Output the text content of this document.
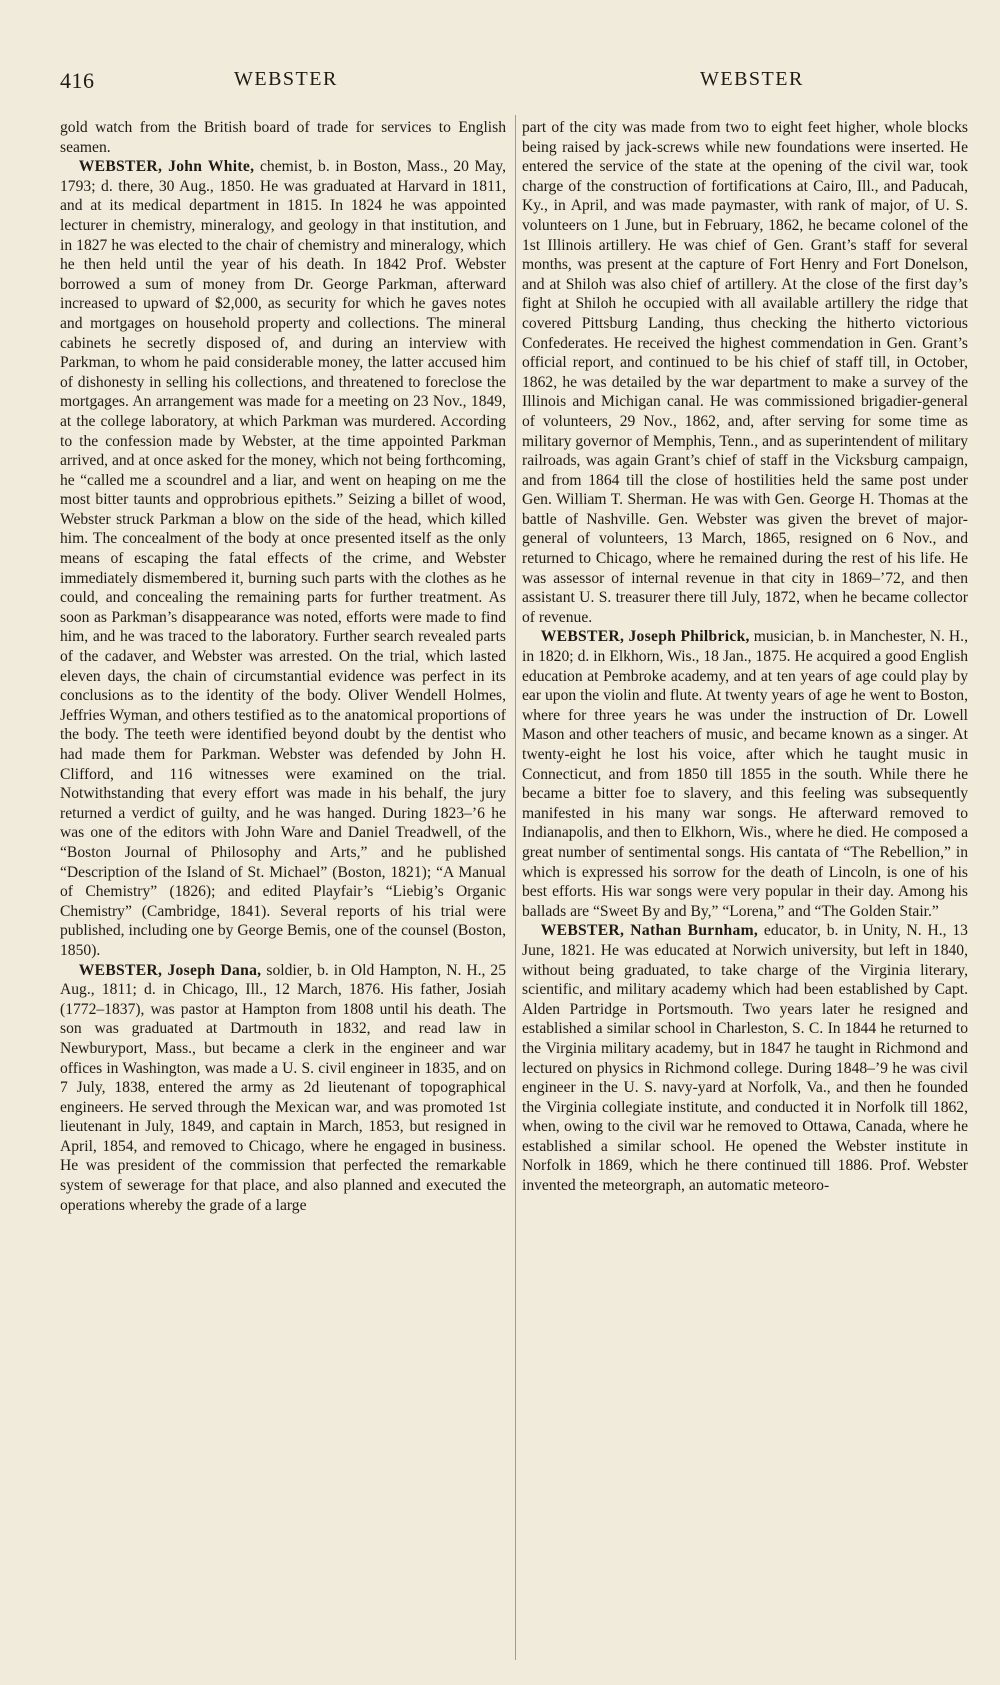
416	WEBSTER	WEBSTER

gold watch from the British board of trade for services to English seamen.

WEBSTER, John White, chemist, b. in Boston, Mass., 20 May, 1793; d. there, 30 Aug., 1850. He was graduated at Harvard in 1811, and at its medical department in 1815. In 1824 he was appointed lecturer in chemistry, mineralogy, and geology in that institution, and in 1827 he was elected to the chair of chemistry and mineralogy, which he then held until the year of his death. In 1842 Prof. Webster borrowed a sum of money from Dr. George Parkman, afterward increased to upward of $2,000, as security for which he gaves notes and mortgages on household property and collections. The mineral cabinets he secretly disposed of, and during an interview with Parkman, to whom he paid considerable money, the latter accused him of dishonesty in selling his collections, and threatened to foreclose the mortgages. An arrangement was made for a meeting on 23 Nov., 1849, at the college laboratory, at which Parkman was murdered. According to the confession made by Webster, at the time appointed Parkman arrived, and at once asked for the money, which not being forthcoming, he “called me a scoundrel and a liar, and went on heaping on me the most bitter taunts and opprobrious epithets.” Seizing a billet of wood, Webster struck Parkman a blow on the side of the head, which killed him. The concealment of the body at once presented itself as the only means of escaping the fatal effects of the crime, and Webster immediately dismembered it, burning such parts with the clothes as he could, and concealing the remaining parts for further treatment. As soon as Parkman’s disappearance was noted, efforts were made to find him, and he was traced to the laboratory. Further search revealed parts of the cadaver, and Webster was arrested. On the trial, which lasted eleven days, the chain of circumstantial evidence was perfect in its conclusions as to the identity of the body. Oliver Wendell Holmes, Jeffries Wyman, and others testified as to the anatomical proportions of the body. The teeth were identified beyond doubt by the dentist who had made them for Parkman. Webster was defended by John H. Clifford, and 116 witnesses were examined on the trial. Notwithstanding that every effort was made in his behalf, the jury returned a verdict of guilty, and he was hanged. During 1823–’6 he was one of the editors with John Ware and Daniel Treadwell, of the “Boston Journal of Philosophy and Arts,” and he published “Description of the Island of St. Michael” (Boston, 1821); “A Manual of Chemistry” (1826); and edited Playfair’s “Liebig’s Organic Chemistry” (Cambridge, 1841). Several reports of his trial were published, including one by George Bemis, one of the counsel (Boston, 1850).

WEBSTER, Joseph Dana, soldier, b. in Old Hampton, N. H., 25 Aug., 1811; d. in Chicago, Ill., 12 March, 1876. His father, Josiah (1772–1837), was pastor at Hampton from 1808 until his death. The son was graduated at Dartmouth in 1832, and read law in Newburyport, Mass., but became a clerk in the engineer and war offices in Washington, was made a U. S. civil engineer in 1835, and on 7 July, 1838, entered the army as 2d lieutenant of topographical engineers. He served through the Mexican war, and was promoted 1st lieutenant in July, 1849, and captain in March, 1853, but resigned in April, 1854, and removed to Chicago, where he engaged in business. He was president of the commission that perfected the remarkable system of sewerage for that place, and also planned and executed the operations whereby the grade of a large

part of the city was made from two to eight feet higher, whole blocks being raised by jack-screws while new foundations were inserted. He entered the service of the state at the opening of the civil war, took charge of the construction of fortifications at Cairo, Ill., and Paducah, Ky., in April, and was made paymaster, with rank of major, of U. S. volunteers on 1 June, but in February, 1862, he became colonel of the 1st Illinois artillery. He was chief of Gen. Grant’s staff for several months, was present at the capture of Fort Henry and Fort Donelson, and at Shiloh was also chief of artillery. At the close of the first day’s fight at Shiloh he occupied with all available artillery the ridge that covered Pittsburg Landing, thus checking the hitherto victorious Confederates. He received the highest commendation in Gen. Grant’s official report, and continued to be his chief of staff till, in October, 1862, he was detailed by the war department to make a survey of the Illinois and Michigan canal. He was commissioned brigadier-general of volunteers, 29 Nov., 1862, and, after serving for some time as military governor of Memphis, Tenn., and as superintendent of military railroads, was again Grant’s chief of staff in the Vicksburg campaign, and from 1864 till the close of hostilities held the same post under Gen. William T. Sherman. He was with Gen. George H. Thomas at the battle of Nashville. Gen. Webster was given the brevet of major-general of volunteers, 13 March, 1865, resigned on 6 Nov., and returned to Chicago, where he remained during the rest of his life. He was assessor of internal revenue in that city in 1869–’72, and then assistant U. S. treasurer there till July, 1872, when he became collector of revenue.

WEBSTER, Joseph Philbrick, musician, b. in Manchester, N. H., in 1820; d. in Elkhorn, Wis., 18 Jan., 1875. He acquired a good English education at Pembroke academy, and at ten years of age could play by ear upon the violin and flute. At twenty years of age he went to Boston, where for three years he was under the instruction of Dr. Lowell Mason and other teachers of music, and became known as a singer. At twenty-eight he lost his voice, after which he taught music in Connecticut, and from 1850 till 1855 in the south. While there he became a bitter foe to slavery, and this feeling was subsequently manifested in his many war songs. He afterward removed to Indianapolis, and then to Elkhorn, Wis., where he died. He composed a great number of sentimental songs. His cantata of “The Rebellion,” in which is expressed his sorrow for the death of Lincoln, is one of his best efforts. His war songs were very popular in their day. Among his ballads are “Sweet By and By,” “Lorena,” and “The Golden Stair.”

WEBSTER, Nathan Burnham, educator, b. in Unity, N. H., 13 June, 1821. He was educated at Norwich university, but left in 1840, without being graduated, to take charge of the Virginia literary, scientific, and military academy which had been established by Capt. Alden Partridge in Portsmouth. Two years later he resigned and established a similar school in Charleston, S. C. In 1844 he returned to the Virginia military academy, but in 1847 he taught in Richmond and lectured on physics in Richmond college. During 1848–’9 he was civil engineer in the U. S. navy-yard at Norfolk, Va., and then he founded the Virginia collegiate institute, and conducted it in Norfolk till 1862, when, owing to the civil war he removed to Ottawa, Canada, where he established a similar school. He opened the Webster institute in Norfolk in 1869, which he there continued till 1886. Prof. Webster invented the meteorgraph, an automatic meteoro-
